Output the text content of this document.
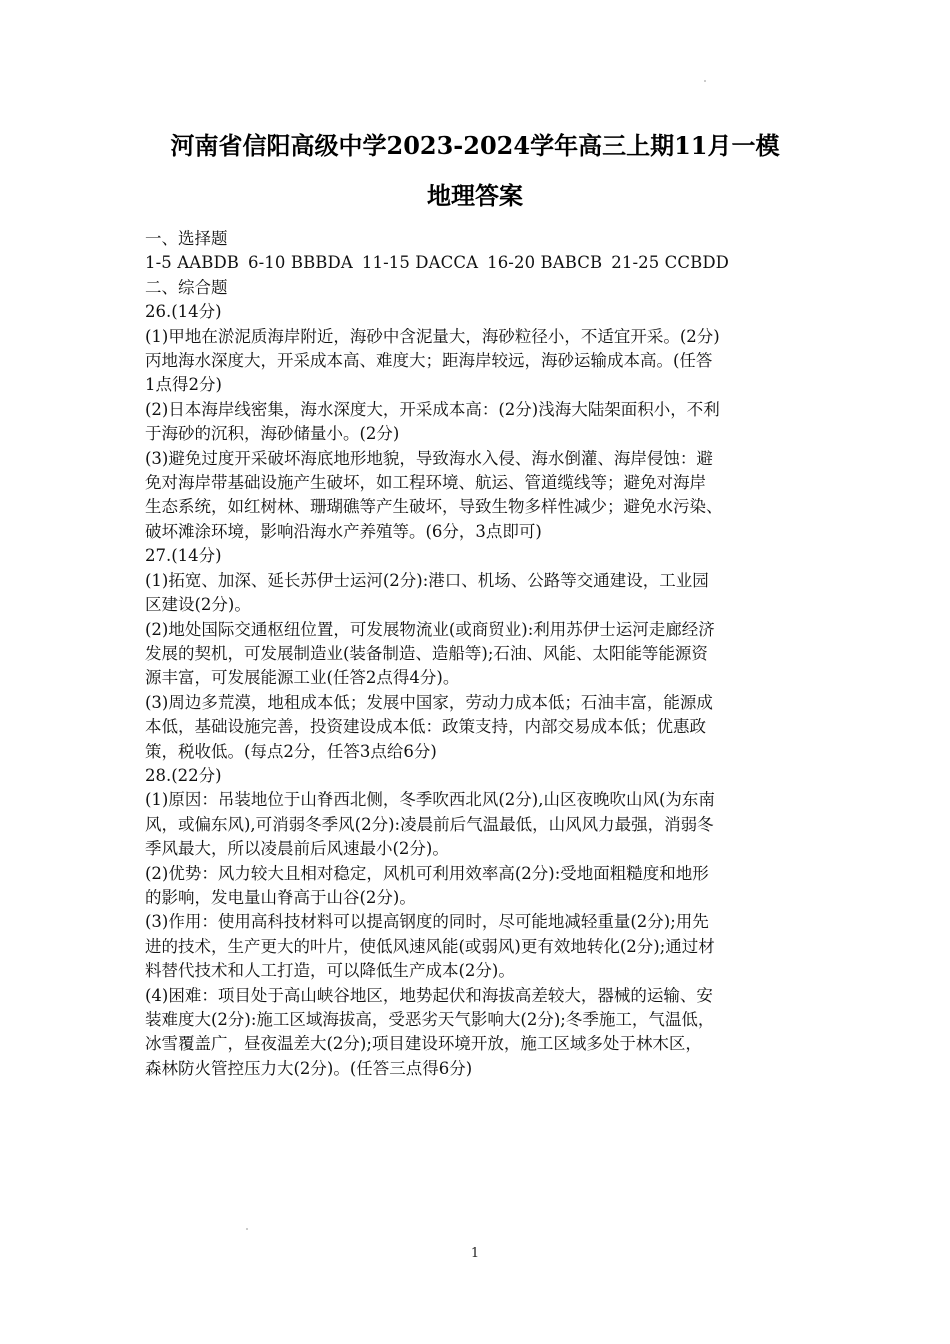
河南省信阳高级中学2023-2024学年高三上期11月一模

地理答案

一、选择题

1-5 AABDB 6-10 BBBDA 11-15 DACCA 16-20 BABCB 21-25 CCBDD

二、综合题

26.(14分)

(1)甲地在淤泥质海岸附近，海砂中含泥量大，海砂粒径小，不适宜开采。(2分)

丙地海水深度大，开采成本高、难度大；距海岸较远，海砂运输成本高。(任答

1点得2分)

(2)日本海岸线密集，海水深度大，开采成本高：(2分)浅海大陆架面积小，不利

于海砂的沉积，海砂储量小。(2分)

(3)避免过度开采破坏海底地形地貌，导致海水入侵、海水倒灌、海岸侵蚀：避

免对海岸带基础设施产生破坏，如工程环境、航运、管道缆线等；避免对海岸

生态系统，如红树林、珊瑚礁等产生破坏，导致生物多样性减少；避免水污染、

破坏滩涂环境，影响沿海水产养殖等。(6分，3点即可)

27.(14分)

(1)拓宽、加深、延长苏伊士运河(2分):港口、机场、公路等交通建设，工业园

区建设(2分)。

(2)地处国际交通枢纽位置，可发展物流业(或商贸业):利用苏伊士运河走廊经济

发展的契机，可发展制造业(装备制造、造船等);石油、风能、太阳能等能源资

源丰富，可发展能源工业(任答2点得4分)。

(3)周边多荒漠，地租成本低；发展中国家，劳动力成本低；石油丰富，能源成

本低，基础设施完善，投资建设成本低：政策支持，内部交易成本低；优惠政

策，税收低。(每点2分，任答3点给6分)

28.(22分)

(1)原因：吊装地位于山脊西北侧，冬季吹西北风(2分),山区夜晚吹山风(为东南

风，或偏东风),可消弱冬季风(2分):凌晨前后气温最低，山风风力最强，消弱冬

季风最大，所以凌晨前后风速最小(2分)。

(2)优势：风力较大且相对稳定，风机可利用效率高(2分):受地面粗糙度和地形

的影响，发电量山脊高于山谷(2分)。

(3)作用：使用高科技材料可以提高钢度的同时，尽可能地减轻重量(2分);用先

进的技术，生产更大的叶片，使低风速风能(或弱风)更有效地转化(2分);通过材

料替代技术和人工打造，可以降低生产成本(2分)。

(4)困难：项目处于高山峡谷地区，地势起伏和海拔高差较大，器械的运输、安

装难度大(2分):施工区域海拔高，受恶劣天气影响大(2分);冬季施工，气温低，

冰雪覆盖广，昼夜温差大(2分);项目建设环境开放，施工区域多处于林木区，

森林防火管控压力大(2分)。(任答三点得6分)

1
